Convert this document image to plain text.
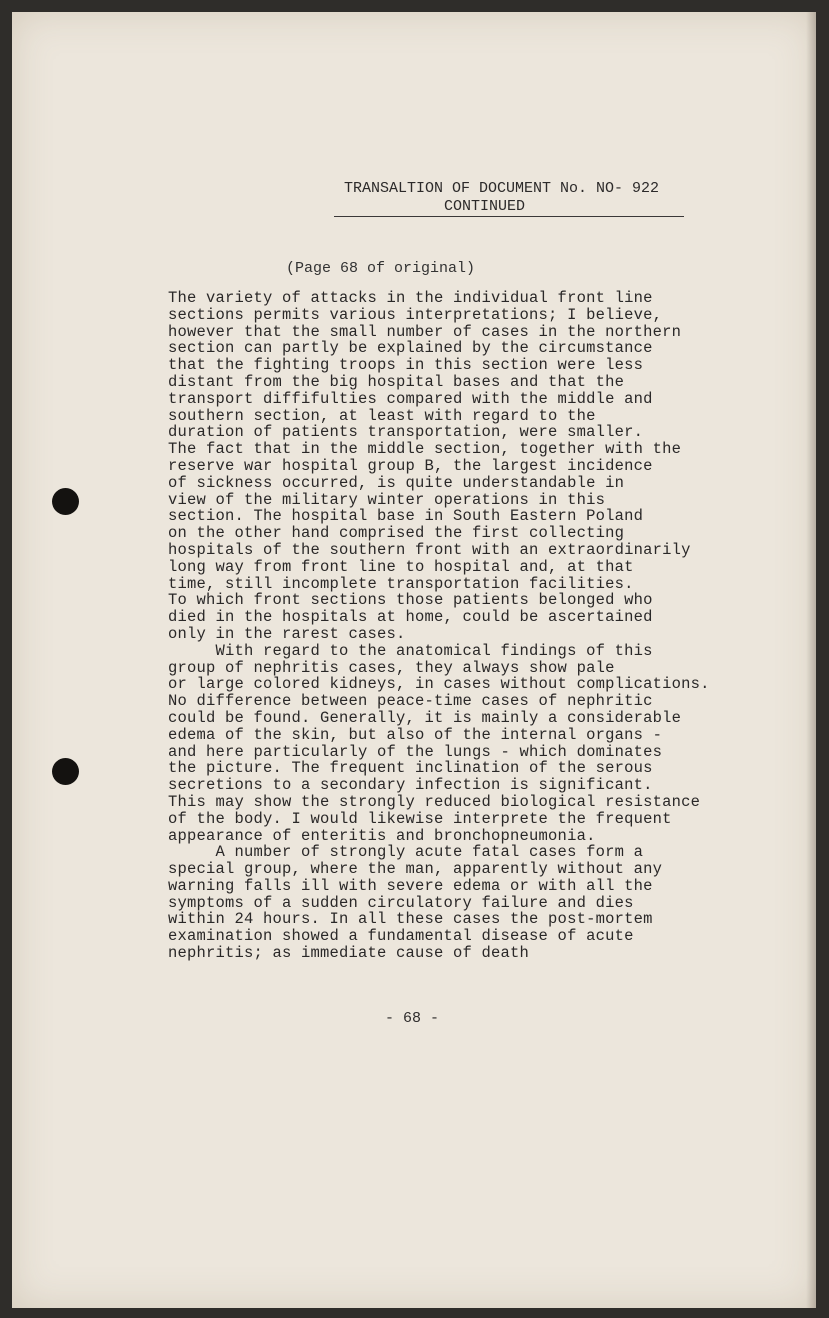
TRANSALTION OF DOCUMENT No. NO- 922
CONTINUED
(Page 68 of original)
The variety of attacks in the individual front line
sections permits various interpretations; I believe,
however that the small number of cases in the northern
section can partly be explained by the circumstance
that the fighting troops in this section were less
distant from the big hospital bases and that the
transport diffifulties compared with the middle and
southern section, at least with regard to the
duration of patients transportation, were smaller.
The fact that in the middle section, together with the
reserve war hospital group B, the largest incidence
of sickness occurred, is quite understandable in
view of the military winter operations in this
section. The hospital base in South Eastern Poland
on the other hand comprised the first collecting
hospitals of the southern front with an extraordinarily
long way from front line to hospital and, at that
time, still incomplete transportation facilities.
To which front sections those patients belonged who
died in the hospitals at home, could be ascertained
only in the rarest cases.
With regard to the anatomical findings of this
group of nephritis cases, they always show pale
or large colored kidneys, in cases without complications.
No difference between peace-time cases of nephritic
could be found. Generally, it is mainly a considerable
edema of the skin, but also of the internal organs -
and here particularly of the lungs - which dominates
the picture. The frequent inclination of the serous
secretions to a secondary infection is significant.
This may show the strongly reduced biological resistance
of the body. I would likewise interprete the frequent
appearance of enteritis and bronchopneumonia.
A number of strongly acute fatal cases form a
special group, where the man, apparently without any
warning falls ill with severe edema or with all the
symptoms of a sudden circulatory failure and dies
within 24 hours. In all these cases the post-mortem
examination showed a fundamental disease of acute
nephritis; as immediate cause of death
- 68 -
